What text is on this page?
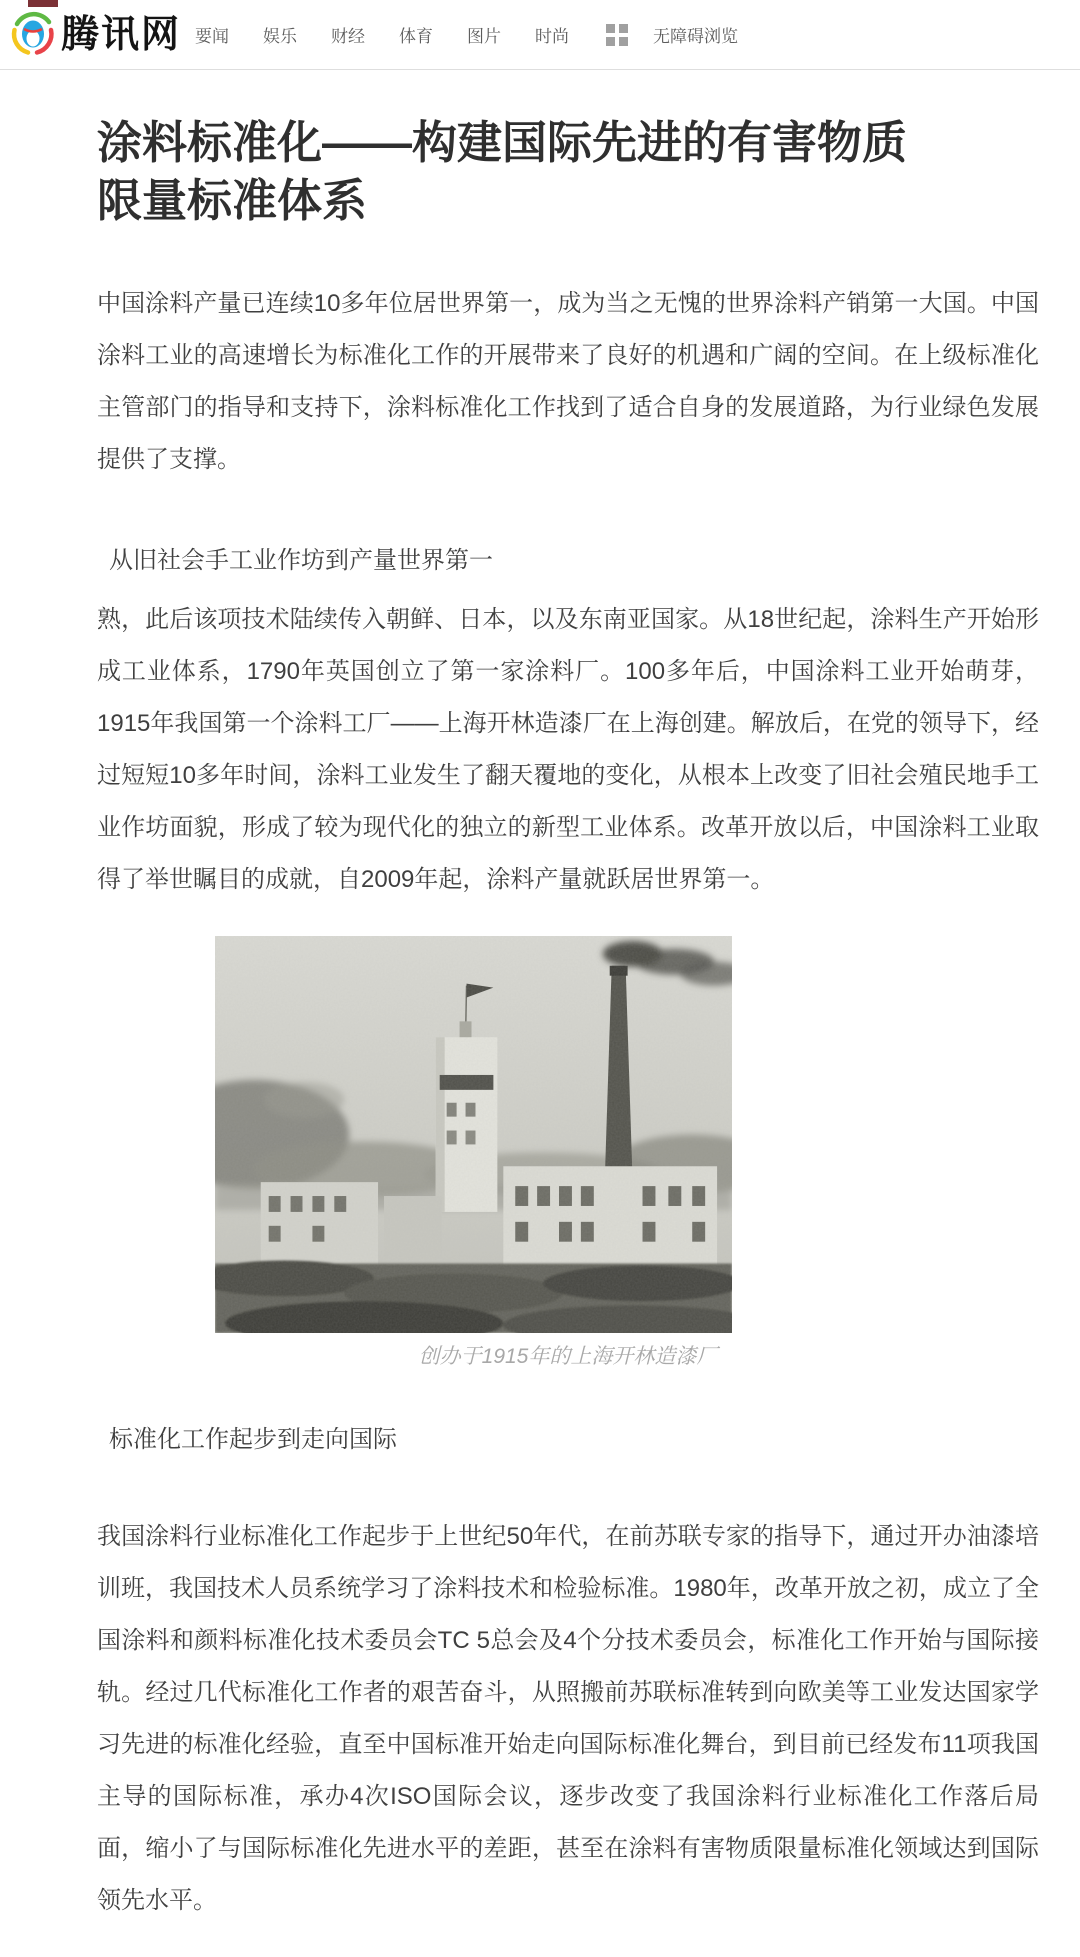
腾讯网 要闻 娱乐 财经 体育 图片 时尚	无障碍浏览
涂料标准化——构建国际先进的有害物质限量标准体系

中国涂料产量已连续10多年位居世界第一，成为当之无愧的世界涂料产销第一大国。中国涂料工业的高速增长为标准化工作的开展带来了良好的机遇和广阔的空间。在上级标准化主管部门的指导和支持下，涂料标准化工作找到了适合自身的发展道路，为行业绿色发展提供了支撑。

从旧社会手工业作坊到产量世界第一

熟，此后该项技术陆续传入朝鲜、日本，以及东南亚国家。从18世纪起，涂料生产开始形成工业体系，1790年英国创立了第一家涂料厂。100多年后，中国涂料工业开始萌芽，1915年我国第一个涂料工厂——上海开林造漆厂在上海创建。解放后，在党的领导下，经过短短10多年时间，涂料工业发生了翻天覆地的变化，从根本上改变了旧社会殖民地手工业作坊面貌，形成了较为现代化的独立的新型工业体系。改革开放以后，中国涂料工业取得了举世瞩目的成就，自2009年起，涂料产量就跃居世界第一。

创办于1915年的上海开林造漆厂
标准化工作起步到走向国际

我国涂料行业标准化工作起步于上世纪50年代，在前苏联专家的指导下，通过开办油漆培训班，我国技术人员系统学习了涂料技术和检验标准。1980年，改革开放之初，成立了全国涂料和颜料标准化技术委员会TC 5总会及4个分技术委员会，标准化工作开始与国际接轨。经过几代标准化工作者的艰苦奋斗，从照搬前苏联标准转到向欧美等工业发达国家学习先进的标准化经验，直至中国标准开始走向国际标准化舞台，到目前已经发布11项我国主导的国际标准，承办4次ISO国际会议，逐步改变了我国涂料行业标准化工作落后局面，缩小了与国际标准化先进水平的差距，甚至在涂料有害物质限量标准化领域达到国际领先水平。
